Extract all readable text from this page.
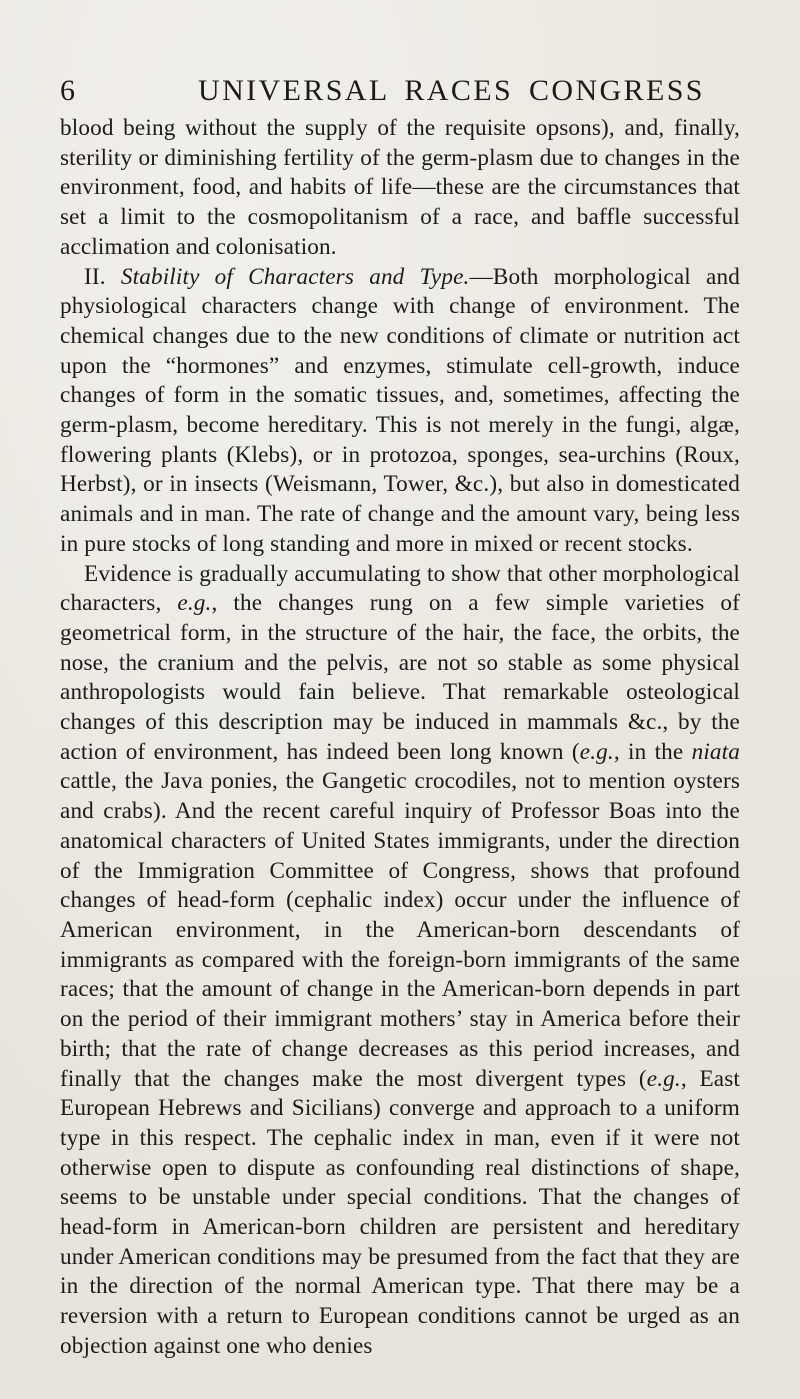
6	UNIVERSAL RACES CONGRESS

blood being without the supply of the requisite opsons), and, finally, sterility or diminishing fertility of the germ-plasm due to changes in the environment, food, and habits of life—these are the circumstances that set a limit to the cosmopolitanism of a race, and baffle successful acclimation and colonisation.

II. Stability of Characters and Type.—Both morphological and physiological characters change with change of environment. The chemical changes due to the new conditions of climate or nutrition act upon the “hormones” and enzymes, stimulate cell-growth, induce changes of form in the somatic tissues, and, sometimes, affecting the germ-plasm, become hereditary. This is not merely in the fungi, algæ, flowering plants (Klebs), or in protozoa, sponges, sea-urchins (Roux, Herbst), or in insects (Weismann, Tower, &c.), but also in domesticated animals and in man. The rate of change and the amount vary, being less in pure stocks of long standing and more in mixed or recent stocks.

Evidence is gradually accumulating to show that other morphological characters, e.g., the changes rung on a few simple varieties of geometrical form, in the structure of the hair, the face, the orbits, the nose, the cranium and the pelvis, are not so stable as some physical anthropologists would fain believe. That remarkable osteological changes of this description may be induced in mammals &c., by the action of environment, has indeed been long known (e.g., in the niata cattle, the Java ponies, the Gangetic crocodiles, not to mention oysters and crabs). And the recent careful inquiry of Professor Boas into the anatomical characters of United States immigrants, under the direction of the Immigration Committee of Congress, shows that profound changes of head-form (cephalic index) occur under the influence of American environment, in the American-born descendants of immigrants as compared with the foreign-born immigrants of the same races; that the amount of change in the American-born depends in part on the period of their immigrant mothers’ stay in America before their birth; that the rate of change decreases as this period increases, and finally that the changes make the most divergent types (e.g., East European Hebrews and Sicilians) converge and approach to a uniform type in this respect. The cephalic index in man, even if it were not otherwise open to dispute as confounding real distinctions of shape, seems to be unstable under special conditions. That the changes of head-form in American-born children are persistent and hereditary under American conditions may be presumed from the fact that they are in the direction of the normal American type. That there may be a reversion with a return to European conditions cannot be urged as an objection against one who denies
